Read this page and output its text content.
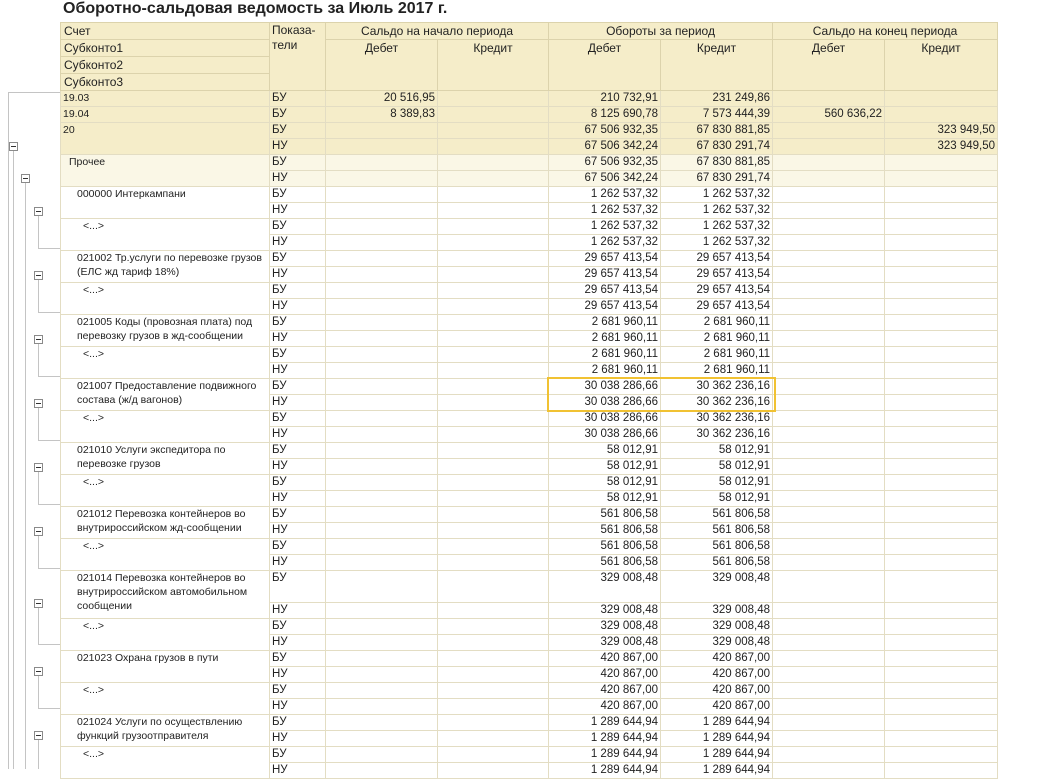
Оборотно-сальдовая ведомость за Июль 2017 г.
Счет	Показа-
тели	Сальдо на начало периода		Обороты за период		Сальдо на конец периода	
Субконто1		Дебет	Кредит	Дебет	Кредит	Дебет	Кредит
Субконто2							
Субконто3							
19.03	БУ	20 516,95		210 732,91	231 249,86		
19.04	БУ	8 389,83		8 125 690,78	7 573 444,39	560 636,22	
20	БУ			67 506 932,35	67 830 881,85		323 949,50
	НУ			67 506 342,24	67 830 291,74		323 949,50
Прочее	БУ			67 506 932,35	67 830 881,85		
	НУ			67 506 342,24	67 830 291,74		
000000 Интеркампани	БУ			1 262 537,32	1 262 537,32		
	НУ			1 262 537,32	1 262 537,32		
<...>	БУ			1 262 537,32	1 262 537,32		
	НУ			1 262 537,32	1 262 537,32		
021002 Тр.услуги по перевозке грузов (ЕЛС жд тариф 18%)	БУ			29 657 413,54	29 657 413,54		
	НУ			29 657 413,54	29 657 413,54		
<...>	БУ			29 657 413,54	29 657 413,54		
	НУ			29 657 413,54	29 657 413,54		
021005 Коды (провозная плата) под перевозку грузов в жд-сообщении	БУ			2 681 960,11	2 681 960,11		
	НУ			2 681 960,11	2 681 960,11		
<...>	БУ			2 681 960,11	2 681 960,11		
	НУ			2 681 960,11	2 681 960,11		
021007 Предоставление подвижного состава (ж/д вагонов)	БУ			30 038 286,66	30 362 236,16		
	НУ			30 038 286,66	30 362 236,16		
<...>	БУ			30 038 286,66	30 362 236,16		
	НУ			30 038 286,66	30 362 236,16		
021010 Услуги экспедитора по перевозке грузов	БУ			58 012,91	58 012,91		
	НУ			58 012,91	58 012,91		
<...>	БУ			58 012,91	58 012,91		
	НУ			58 012,91	58 012,91		
021012 Перевозка контейнеров во внутрироссийском жд-сообщении	БУ			561 806,58	561 806,58		
	НУ			561 806,58	561 806,58		
<...>	БУ			561 806,58	561 806,58		
	НУ			561 806,58	561 806,58		
021014 Перевозка контейнеров во внутрироссийском автомобильном сообщении	БУ			329 008,48	329 008,48		
	НУ			329 008,48	329 008,48		
<...>	БУ			329 008,48	329 008,48		
	НУ			329 008,48	329 008,48		
021023 Охрана грузов в пути	БУ			420 867,00	420 867,00		
	НУ			420 867,00	420 867,00		
<...>	БУ			420 867,00	420 867,00		
	НУ			420 867,00	420 867,00		
021024 Услуги по осуществлению функций грузоотправителя	БУ			1 289 644,94	1 289 644,94		
	НУ			1 289 644,94	1 289 644,94		
<...>	БУ			1 289 644,94	1 289 644,94		
	НУ			1 289 644,94	1 289 644,94		
